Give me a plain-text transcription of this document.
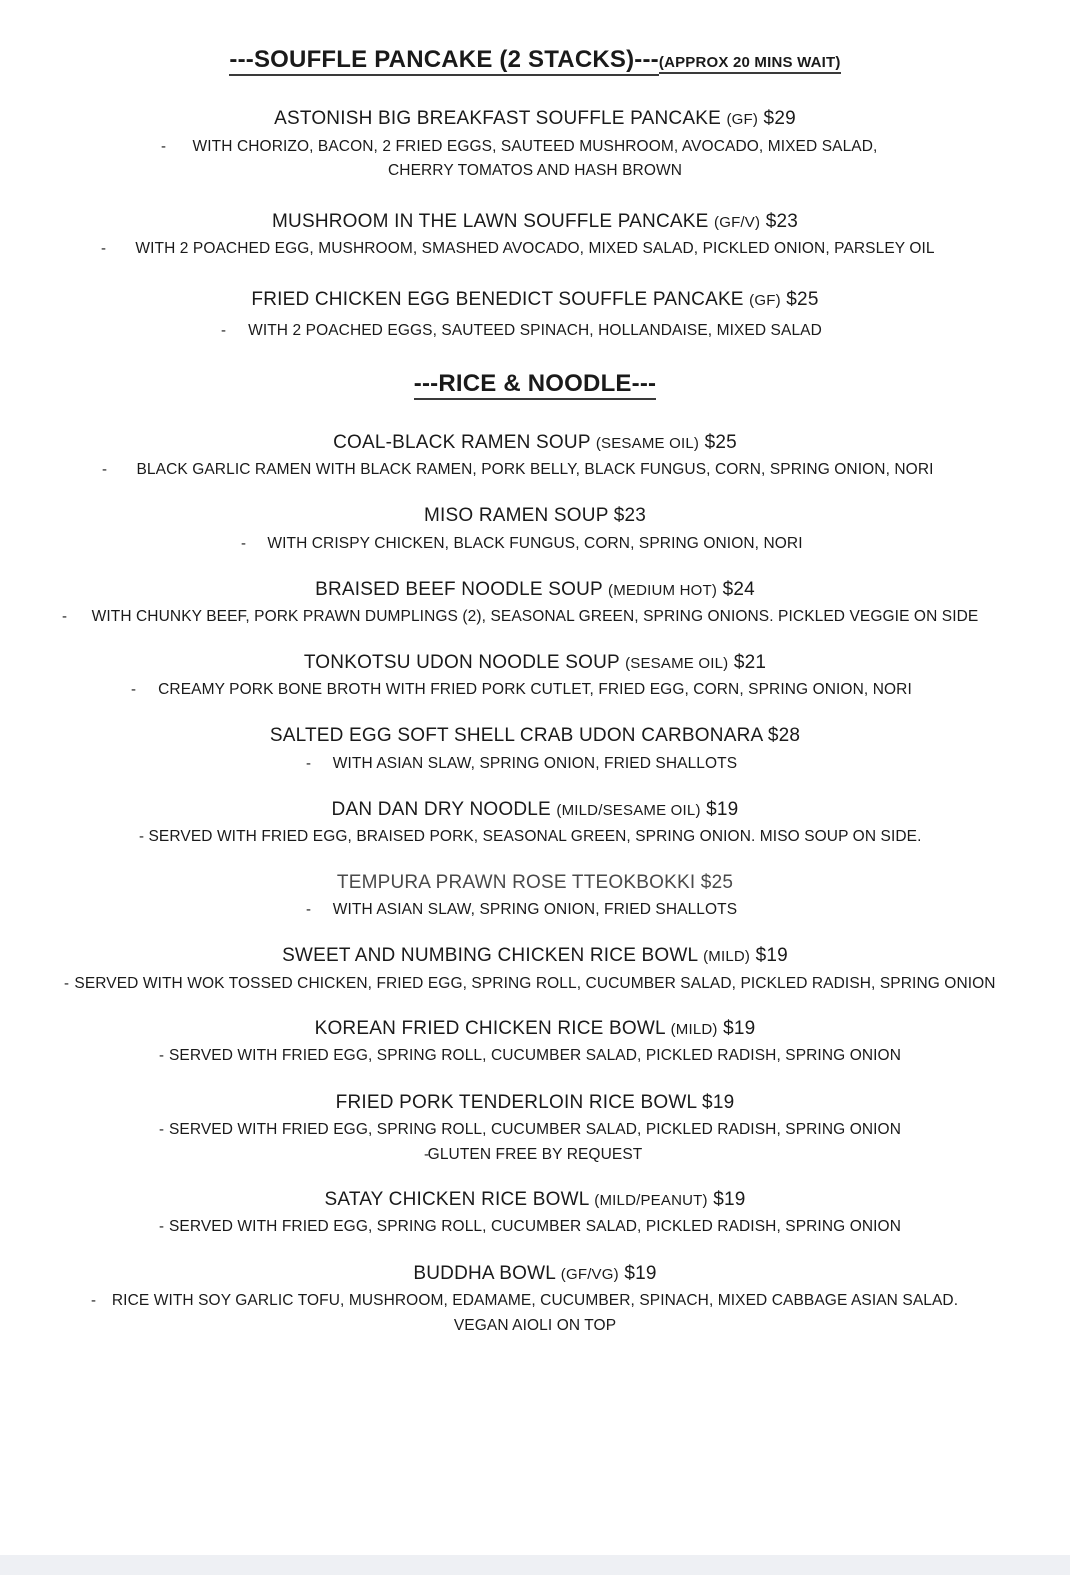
---SOUFFLE PANCAKE (2 STACKS)---(APPROX 20 MINS WAIT)
ASTONISH BIG BREAKFAST SOUFFLE PANCAKE (GF) $29
-	WITH CHORIZO, BACON, 2 FRIED EGGS, SAUTEED MUSHROOM, AVOCADO, MIXED SALAD,
CHERRY TOMATOS AND HASH BROWN
MUSHROOM IN THE LAWN SOUFFLE PANCAKE (GF/V) $23
-	WITH 2 POACHED EGG, MUSHROOM, SMASHED AVOCADO, MIXED SALAD, PICKLED ONION, PARSLEY OIL
FRIED CHICKEN EGG BENEDICT SOUFFLE PANCAKE (GF) $25
-	WITH 2 POACHED EGGS, SAUTEED SPINACH, HOLLANDAISE, MIXED SALAD
---RICE & NOODLE---
COAL-BLACK RAMEN SOUP (SESAME OIL) $25
-	BLACK GARLIC RAMEN WITH BLACK RAMEN, PORK BELLY, BLACK FUNGUS, CORN, SPRING ONION, NORI
MISO RAMEN SOUP $23
-	WITH CRISPY CHICKEN, BLACK FUNGUS, CORN, SPRING ONION, NORI
BRAISED BEEF NOODLE SOUP (MEDIUM HOT) $24
-	WITH CHUNKY BEEF, PORK PRAWN DUMPLINGS (2), SEASONAL GREEN, SPRING ONIONS. PICKLED VEGGIE ON SIDE
TONKOTSU UDON NOODLE SOUP (SESAME OIL) $21
-	CREAMY PORK BONE BROTH WITH FRIED PORK CUTLET, FRIED EGG, CORN, SPRING ONION, NORI
SALTED EGG SOFT SHELL CRAB UDON CARBONARA $28
-	WITH ASIAN SLAW, SPRING ONION, FRIED SHALLOTS
DAN DAN DRY NOODLE (MILD/SESAME OIL) $19
- SERVED WITH FRIED EGG, BRAISED PORK, SEASONAL GREEN, SPRING ONION. MISO SOUP ON SIDE.
TEMPURA PRAWN ROSE TTEOKBOKKI $25
-	WITH ASIAN SLAW, SPRING ONION, FRIED SHALLOTS
SWEET AND NUMBING CHICKEN RICE BOWL (MILD) $19
- SERVED WITH WOK TOSSED CHICKEN, FRIED EGG, SPRING ROLL, CUCUMBER SALAD, PICKLED RADISH, SPRING ONION
KOREAN FRIED CHICKEN RICE BOWL (MILD) $19
- SERVED WITH FRIED EGG, SPRING ROLL, CUCUMBER SALAD, PICKLED RADISH, SPRING ONION
FRIED PORK TENDERLOIN RICE BOWL $19
- SERVED WITH FRIED EGG, SPRING ROLL, CUCUMBER SALAD, PICKLED RADISH, SPRING ONION
-
GLUTEN FREE BY REQUEST
SATAY CHICKEN RICE BOWL (MILD/PEANUT) $19
- SERVED WITH FRIED EGG, SPRING ROLL, CUCUMBER SALAD, PICKLED RADISH, SPRING ONION
BUDDHA BOWL (GF/VG) $19
-	RICE WITH SOY GARLIC TOFU, MUSHROOM, EDAMAME, CUCUMBER, SPINACH, MIXED CABBAGE ASIAN SALAD.
VEGAN AIOLI ON TOP
